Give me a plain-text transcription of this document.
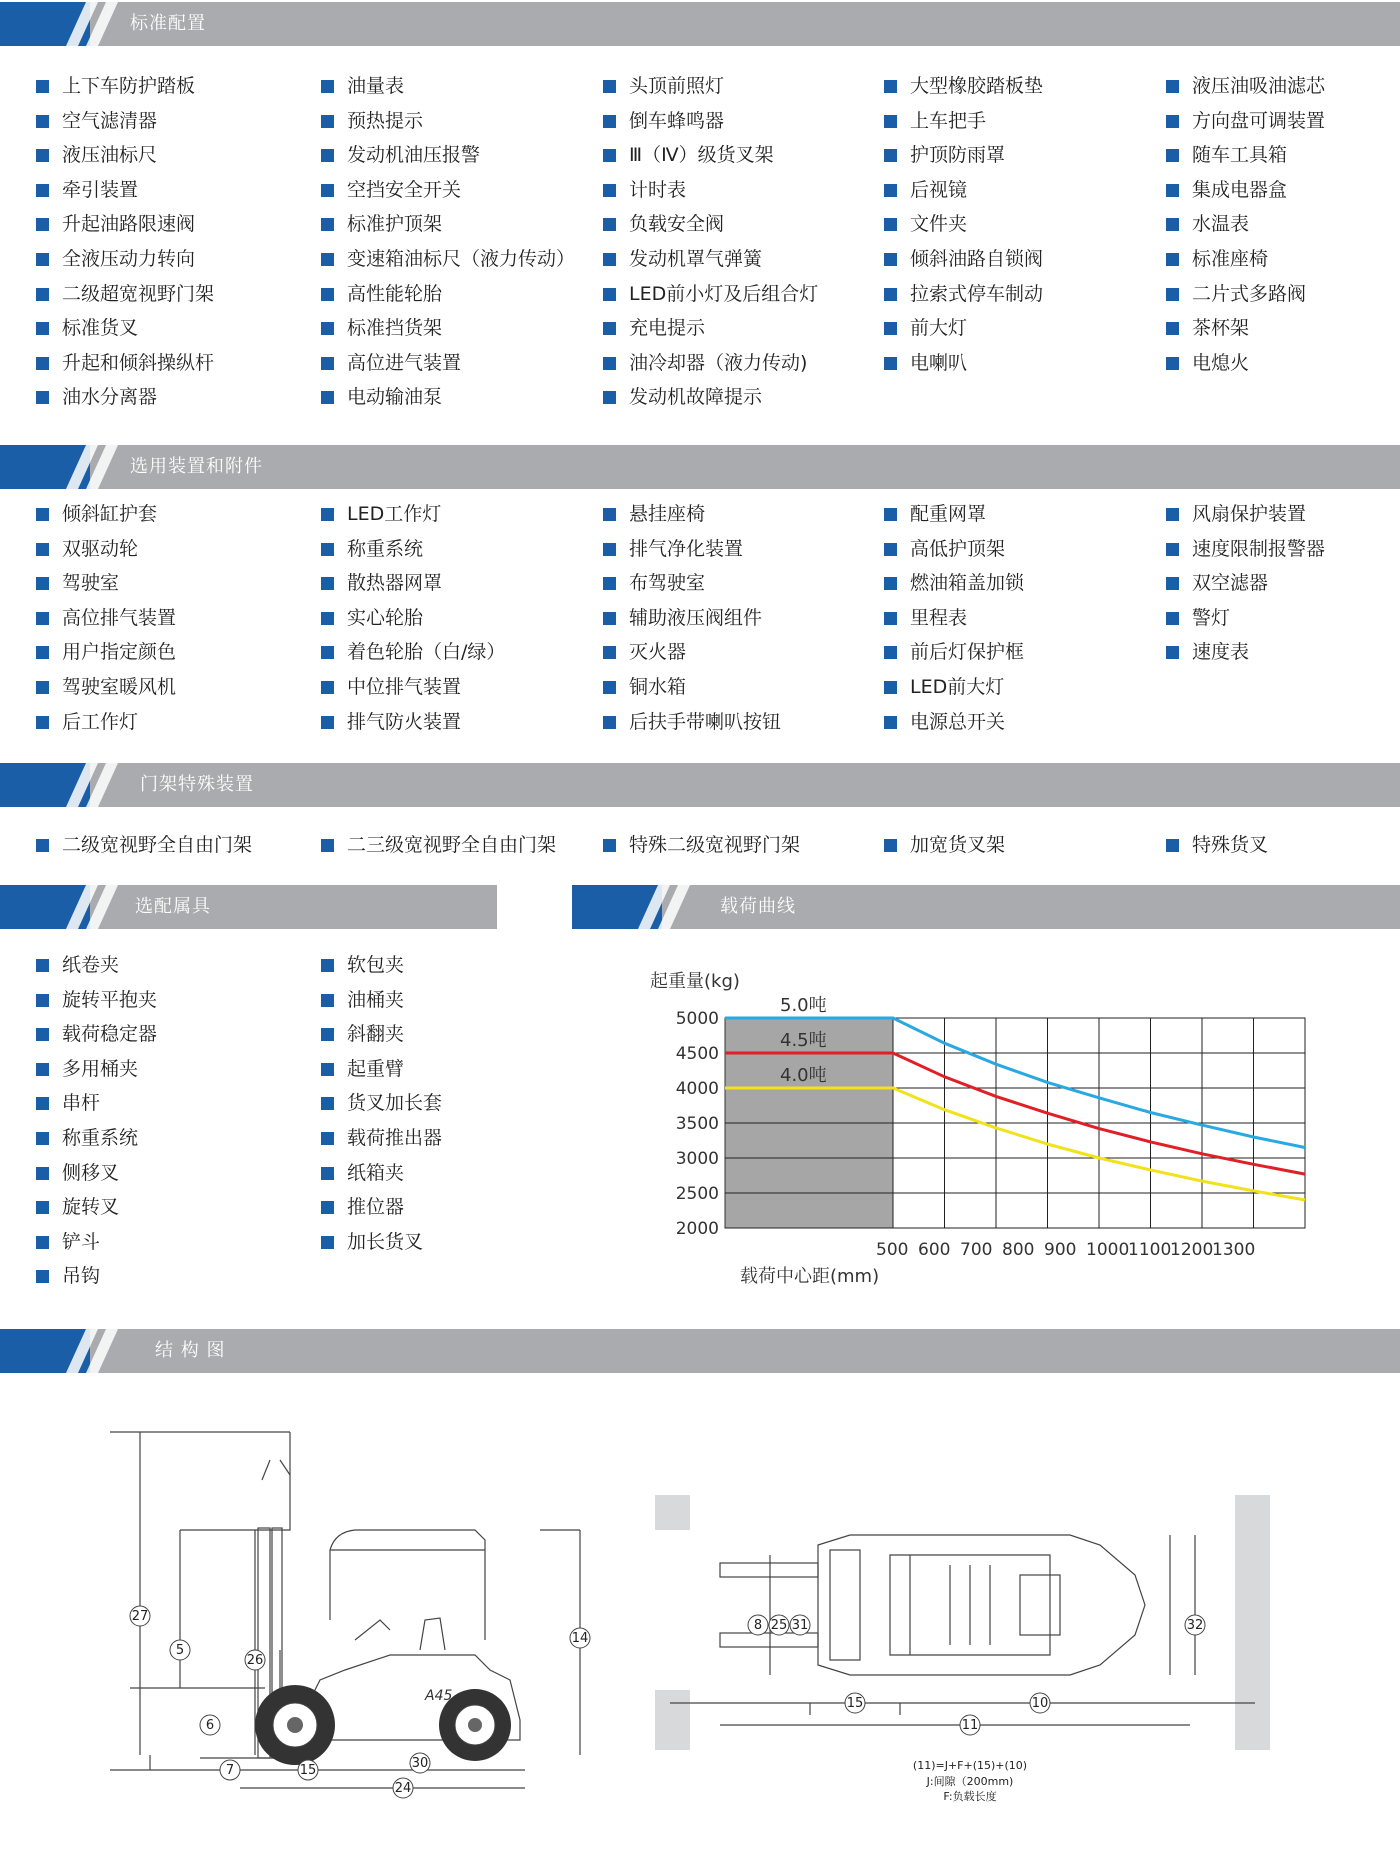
标准配置
选用装置和附件
门架特殊装置
选配属具	载荷曲线
结 构 图
上下车防护踏板
空气滤清器
液压油标尺
牵引装置
升起油路限速阀
全液压动力转向
二级超宽视野门架
标准货叉
升起和倾斜操纵杆
油水分离器
油量表
预热提示
发动机油压报警
空挡安全开关
标准护顶架
变速箱油标尺（液力传动）
高性能轮胎
标准挡货架
高位进气装置
电动输油泵
头顶前照灯
倒车蜂鸣器
Ⅲ（Ⅳ）级货叉架
计时表
负载安全阀
发动机罩气弹簧
LED前小灯及后组合灯
充电提示
油冷却器（液力传动)
发动机故障提示
大型橡胶踏板垫
上车把手
护顶防雨罩
后视镜
文件夹
倾斜油路自锁阀
拉索式停车制动
前大灯
电喇叭
液压油吸油滤芯
方向盘可调装置
随车工具箱
集成电器盒
水温表
标准座椅
二片式多路阀
茶杯架
电熄火
倾斜缸护套
双驱动轮
驾驶室
高位排气装置
用户指定颜色
驾驶室暖风机
后工作灯
LED工作灯
称重系统
散热器网罩
实心轮胎
着色轮胎（白/绿）
中位排气装置
排气防火装置
悬挂座椅
排气净化装置
布驾驶室
辅助液压阀组件
灭火器
铜水箱
后扶手带喇叭按钮
配重网罩
高低护顶架
燃油箱盖加锁
里程表
前后灯保护框
LED前大灯
电源总开关
风扇保护装置
速度限制报警器
双空滤器
警灯
速度表
二级宽视野全自由门架	二三级宽视野全自由门架	特殊二级宽视野门架	加宽货叉架	特殊货叉
纸卷夹
旋转平抱夹
载荷稳定器
多用桶夹
串杆
称重系统
侧移叉
旋转叉
铲斗
吊钩
软包夹
油桶夹
斜翻夹
起重臂
货叉加长套
载荷推出器
纸箱夹
推位器
加长货叉
起重量(kg)
5000
4500
4000
3500
3000
2500
2000
500 600 700 800 900 1000
1100
1200
1300
5.0吨
4.5吨
4.0吨
载荷中心距(mm)
A45
27
5
26
6
14
7	15	30
24
8 25 31	32
15	10
11
(11)=J+F+(15)+(10)
J:间隙（200mm)
F:负载长度
